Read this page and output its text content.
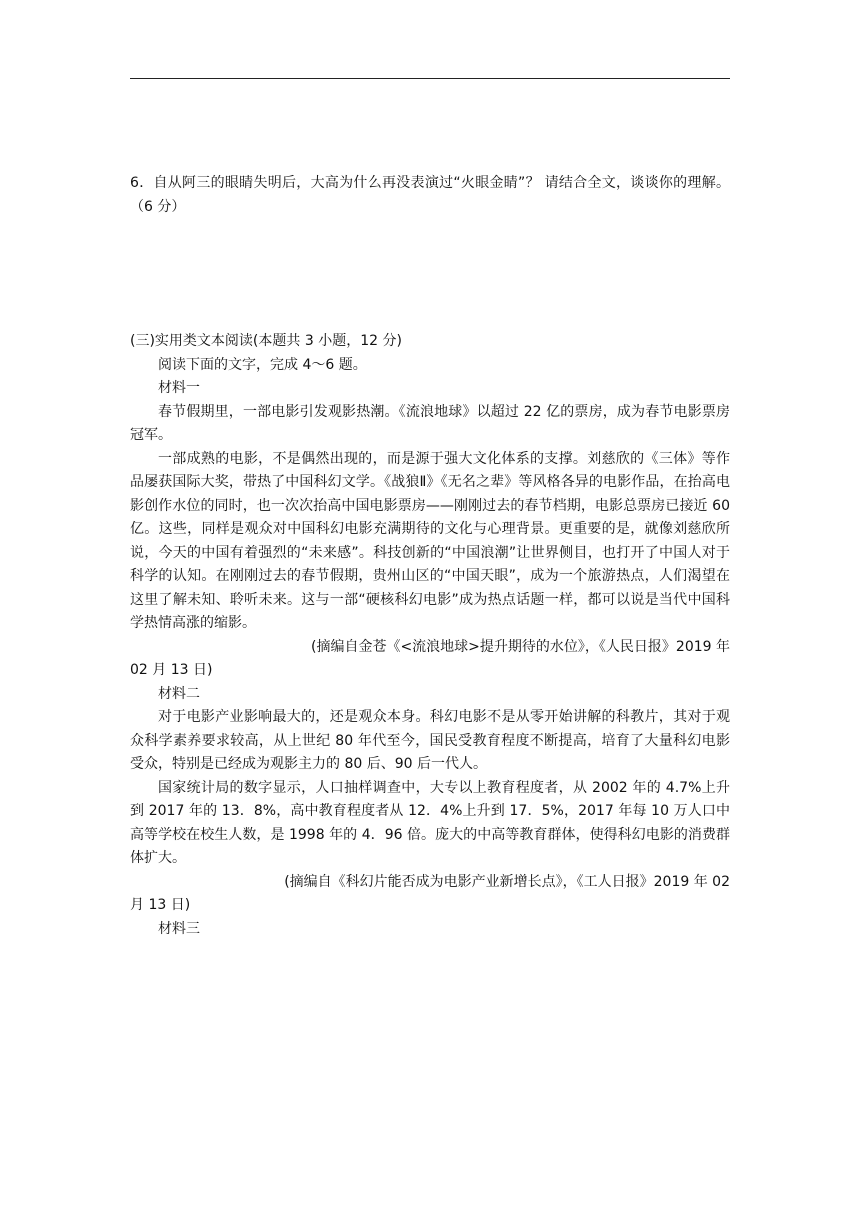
6．自从阿三的眼睛失明后，大高为什么再没表演过“火眼金睛”？ 请结合全文，谈谈你的理解。（6 分）

(三)实用类文本阅读(本题共 3 小题，12 分)

阅读下面的文字，完成 4～6 题。

材料一

春节假期里，一部电影引发观影热潮。《流浪地球》以超过 22 亿的票房，成为春节电影票房冠军。

一部成熟的电影，不是偶然出现的，而是源于强大文化体系的支撑。刘慈欣的《三体》等作品屡获国际大奖，带热了中国科幻文学。《战狼Ⅱ》《无名之辈》等风格各异的电影作品，在抬高电影创作水位的同时，也一次次抬高中国电影票房——刚刚过去的春节档期，电影总票房已接近 60 亿。这些，同样是观众对中国科幻电影充满期待的文化与心理背景。更重要的是，就像刘慈欣所说，今天的中国有着强烈的“未来感”。科技创新的“中国浪潮”让世界侧目，也打开了中国人对于科学的认知。在刚刚过去的春节假期，贵州山区的“中国天眼”，成为一个旅游热点，人们渴望在这里了解未知、聆听未来。这与一部“硬核科幻电影”成为热点话题一样，都可以说是当代中国科学热情高涨的缩影。

(摘编自金苍《<流浪地球>提升期待的水位》，《人民日报》2019 年

02 月 13 日)

材料二

对于电影产业影响最大的，还是观众本身。科幻电影不是从零开始讲解的科教片，其对于观众科学素养要求较高，从上世纪 80 年代至今，国民受教育程度不断提高，培育了大量科幻电影受众，特别是已经成为观影主力的 80 后、90 后一代人。

国家统计局的数字显示，人口抽样调查中，大专以上教育程度者，从 2002 年的 4.7%上升到 2017 年的 13．8%，高中教育程度者从 12．4%上升到 17．5%，2017 年每 10 万人口中高等学校在校生人数，是 1998 年的 4．96 倍。庞大的中高等教育群体，使得科幻电影的消费群体扩大。

(摘编自《科幻片能否成为电影产业新增长点》，《工人日报》2019 年 02

月 13 日)

材料三
